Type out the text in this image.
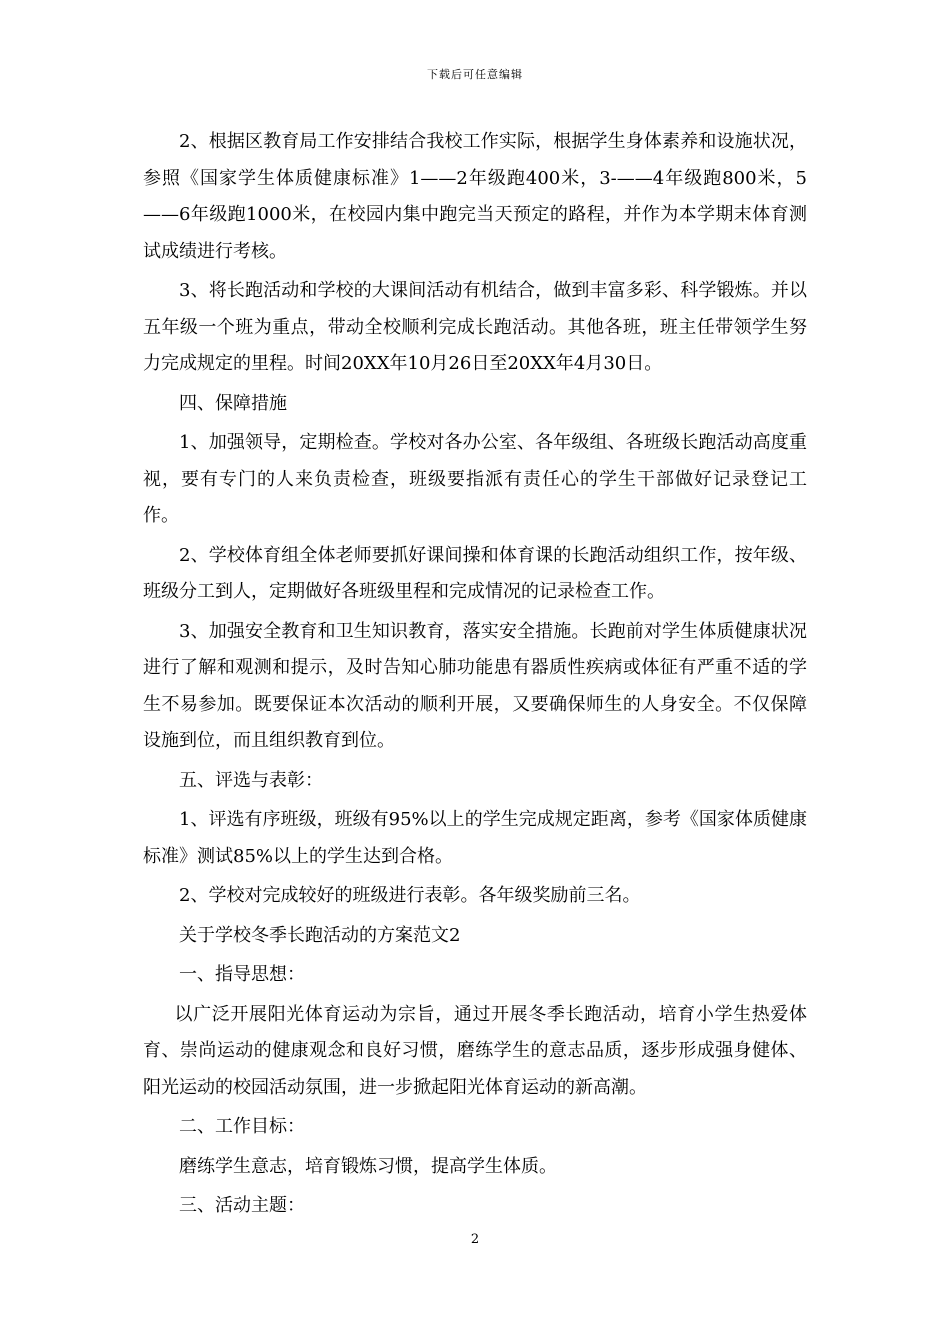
下载后可任意编辑

2、根据区教育局工作安排结合我校工作实际，根据学生身体素养和设施状况，参照《国家学生体质健康标准》1——2年级跑400米，3-——4年级跑800米，5——6年级跑1000米，在校园内集中跑完当天预定的路程，并作为本学期末体育测试成绩进行考核。

3、将长跑活动和学校的大课间活动有机结合，做到丰富多彩、科学锻炼。并以五年级一个班为重点，带动全校顺利完成长跑活动。其他各班，班主任带领学生努力完成规定的里程。时间20XX年10月26日至20XX年4月30日。

四、保障措施

1、加强领导，定期检查。学校对各办公室、各年级组、各班级长跑活动高度重视，要有专门的人来负责检查，班级要指派有责任心的学生干部做好记录登记工作。

2、学校体育组全体老师要抓好课间操和体育课的长跑活动组织工作，按年级、班级分工到人，定期做好各班级里程和完成情况的记录检查工作。

3、加强安全教育和卫生知识教育，落实安全措施。长跑前对学生体质健康状况进行了解和观测和提示，及时告知心肺功能患有器质性疾病或体征有严重不适的学生不易参加。既要保证本次活动的顺利开展，又要确保师生的人身安全。不仅保障设施到位，而且组织教育到位。

五、评选与表彰：

1、评选有序班级，班级有95%以上的学生完成规定距离，参考《国家体质健康标准》测试85%以上的学生达到合格。

2、学校对完成较好的班级进行表彰。各年级奖励前三名。

关于学校冬季长跑活动的方案范文2

一、指导思想：

以广泛开展阳光体育运动为宗旨，通过开展冬季长跑活动，培育小学生热爱体育、崇尚运动的健康观念和良好习惯，磨练学生的意志品质，逐步形成强身健体、阳光运动的校园活动氛围，进一步掀起阳光体育运动的新高潮。

二、工作目标：

磨练学生意志，培育锻炼习惯，提高学生体质。

三、活动主题：

2
